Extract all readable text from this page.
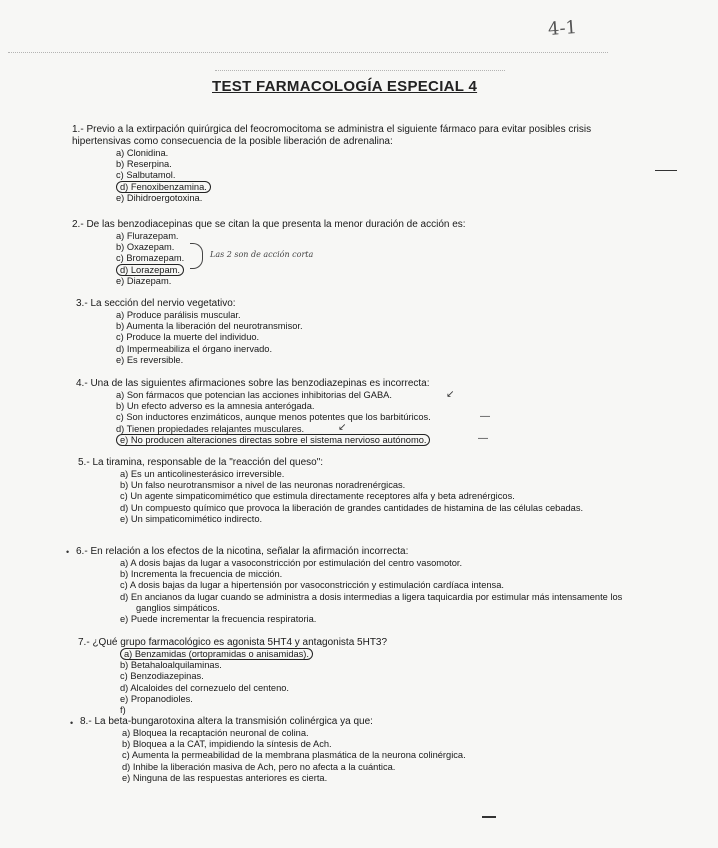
4-1
TEST FARMACOLOGÍA ESPECIAL 4
1.- Previo a la extirpación quirúrgica del feocromocitoma se administra el siguiente fármaco para evitar posibles crisis hipertensivas como consecuencia de la posible liberación de adrenalina:
a) Clonidina.
b) Reserpina.
c) Salbutamol.
d) Fenoxibenzamina.
e) Dihidroergotoxina.
2.- De las benzodiacepinas que se citan la que presenta la menor duración de acción es:
a) Flurazepam.
b) Oxazepam.
c) Bromazepam.
d) Lorazepam.
e) Diazepam.
Las 2 son de acción corta
3.- La sección del nervio vegetativo:
a) Produce parálisis muscular.
b) Aumenta la liberación del neurotransmisor.
c) Produce la muerte del individuo.
d) Impermeabiliza el órgano inervado.
e) Es reversible.
4.- Una de las siguientes afirmaciones sobre las benzodiazepinas es incorrecta:
a) Son fármacos que potencian las acciones inhibitorias del GABA.
b) Un efecto adverso es la amnesia anterógada.
c) Son inductores enzimáticos, aunque menos potentes que los barbitúricos.
d) Tienen propiedades relajantes musculares.
e) No producen alteraciones directas sobre el sistema nervioso autónomo.
↙
—
↙
—
5.- La tiramina, responsable de la "reacción del queso":
a) Es un anticolinesterásico irreversible.
b) Un falso neurotransmisor a nivel de las neuronas noradrenérgicas.
c) Un agente simpaticomimético que estimula directamente receptores alfa y beta adrenérgicos.
d) Un compuesto químico que provoca la liberación de grandes cantidades de histamina de las células cebadas.
e) Un simpaticomimético indirecto.
• 6.- En relación a los efectos de la nicotina, señalar la afirmación incorrecta:
a) A dosis bajas da lugar a vasoconstricción por estimulación del centro vasomotor.
b) Incrementa la frecuencia de micción.
c) A dosis bajas da lugar a hipertensión por vasoconstricción y estimulación cardíaca intensa.
d) En ancianos da lugar cuando se administra a dosis intermedias a ligera taquicardia por estimular más intensamente los ganglios simpáticos.
e) Puede incrementar la frecuencia respiratoria.
7.- ¿Qué grupo farmacológico es agonista 5HT4 y antagonista 5HT3?
a) Benzamidas (ortopramidas o anisamidas).
b) Betahaloalquilaminas.
c) Benzodiazepinas.
d) Alcaloides del cornezuelo del centeno.
e) Propanodioles.
f)
• 8.- La beta-bungarotoxina altera la transmisión colinérgica ya que:
a) Bloquea la recaptación neuronal de colina.
b) Bloquea a la CAT, impidiendo la síntesis de Ach.
c) Aumenta la permeabilidad de la membrana plasmática de la neurona colinérgica.
d) Inhibe la liberación masiva de Ach, pero no afecta a la cuántica.
e) Ninguna de las respuestas anteriores es cierta.
